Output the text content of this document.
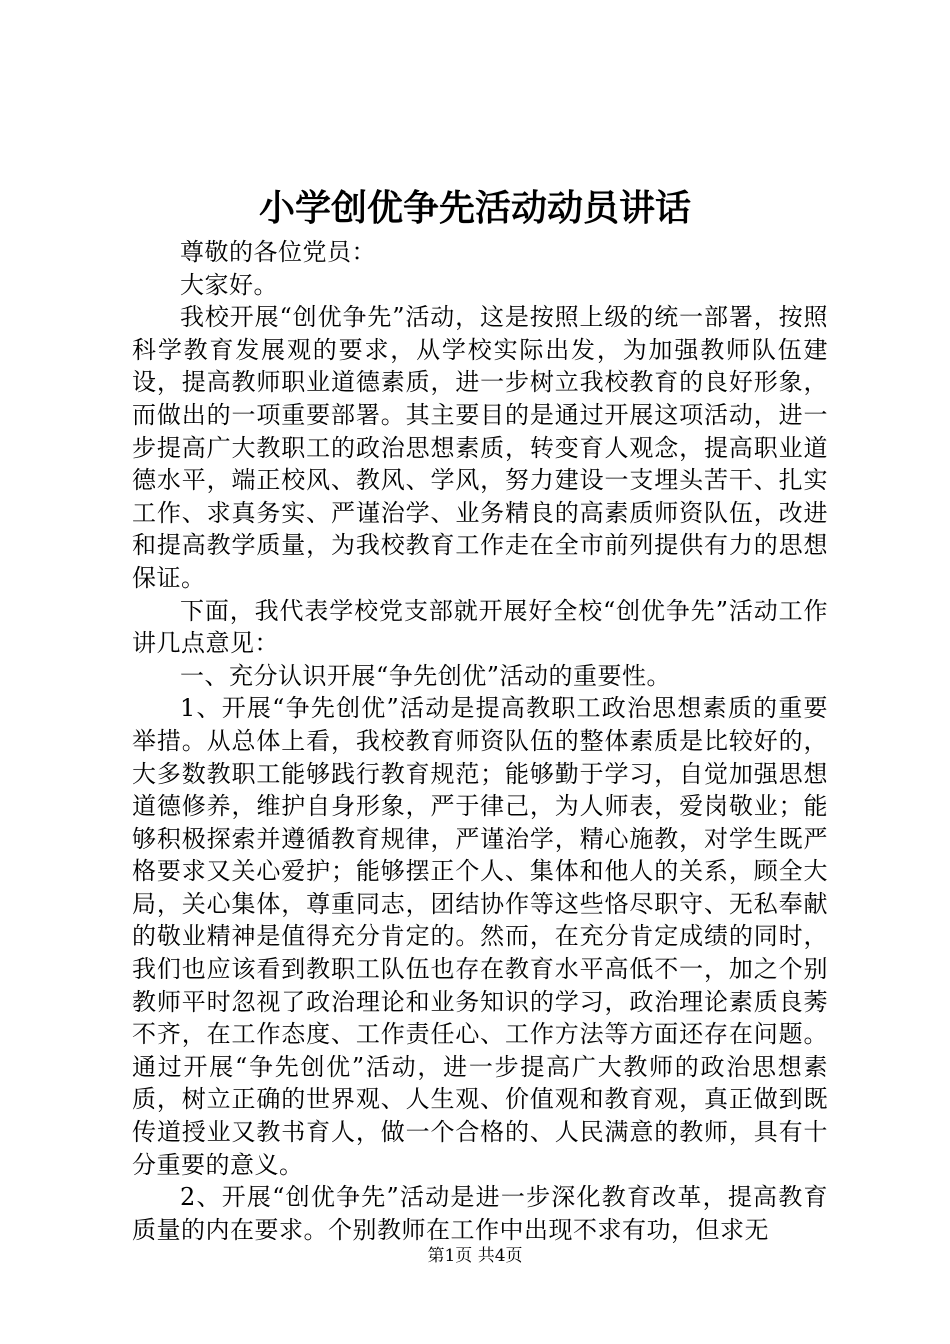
小学创优争先活动动员讲话

尊敬的各位党员：

大家好。

我校开展“创优争先”活动，这是按照上级的统一部署，按照科学教育发展观的要求，从学校实际出发，为加强教师队伍建设，提高教师职业道德素质，进一步树立我校教育的良好形象，而做出的一项重要部署。其主要目的是通过开展这项活动，进一步提高广大教职工的政治思想素质，转变育人观念，提高职业道德水平，端正校风、教风、学风，努力建设一支埋头苦干、扎实工作、求真务实、严谨治学、业务精良的高素质师资队伍，改进和提高教学质量，为我校教育工作走在全市前列提供有力的思想保证。

下面，我代表学校党支部就开展好全校“创优争先”活动工作讲几点意见：

一、充分认识开展“争先创优”活动的重要性。

1、开展“争先创优”活动是提高教职工政治思想素质的重要举措。从总体上看，我校教育师资队伍的整体素质是比较好的，大多数教职工能够践行教育规范；能够勤于学习，自觉加强思想道德修养，维护自身形象，严于律己，为人师表，爱岗敬业；能够积极探索并遵循教育规律，严谨治学，精心施教，对学生既严格要求又关心爱护；能够摆正个人、集体和他人的关系，顾全大局，关心集体，尊重同志，团结协作等这些恪尽职守、无私奉献的敬业精神是值得充分肯定的。然而，在充分肯定成绩的同时，我们也应该看到教职工队伍也存在教育水平高低不一，加之个别教师平时忽视了政治理论和业务知识的学习，政治理论素质良莠不齐，在工作态度、工作责任心、工作方法等方面还存在问题。通过开展“争先创优”活动，进一步提高广大教师的政治思想素质，树立正确的世界观、人生观、价值观和教育观，真正做到既传道授业又教书育人，做一个合格的、人民满意的教师，具有十分重要的意义。

2、开展“创优争先”活动是进一步深化教育改革，提高教育质量的内在要求。个别教师在工作中出现不求有功，但求无

第1页 共4页
